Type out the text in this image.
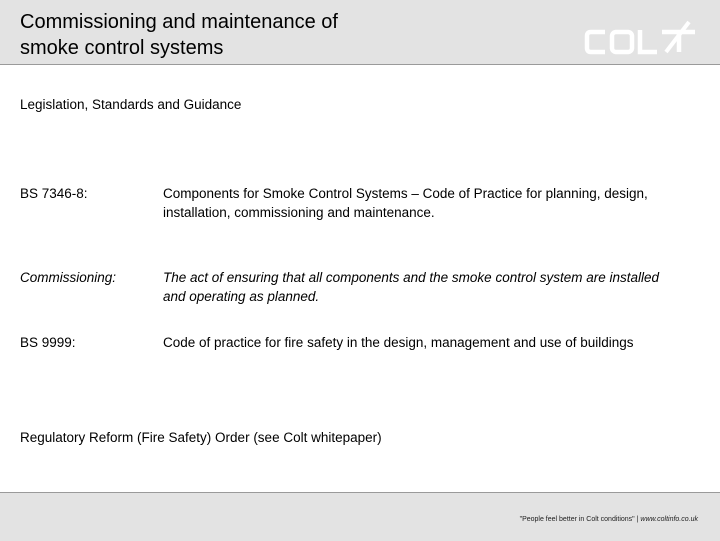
Commissioning and maintenance of
smoke control systems
Legislation, Standards and Guidance
BS 7346-8:	Components for Smoke Control Systems – Code of Practice for planning, design, installation, commissioning and maintenance.
Commissioning:	The act of ensuring that all components and the smoke control system are installed and operating as planned.
BS 9999:	Code of practice for fire safety in the design, management and use of buildings
Regulatory Reform (Fire Safety) Order (see Colt whitepaper)
"People feel better in Colt conditions" | www.coltinfo.co.uk
